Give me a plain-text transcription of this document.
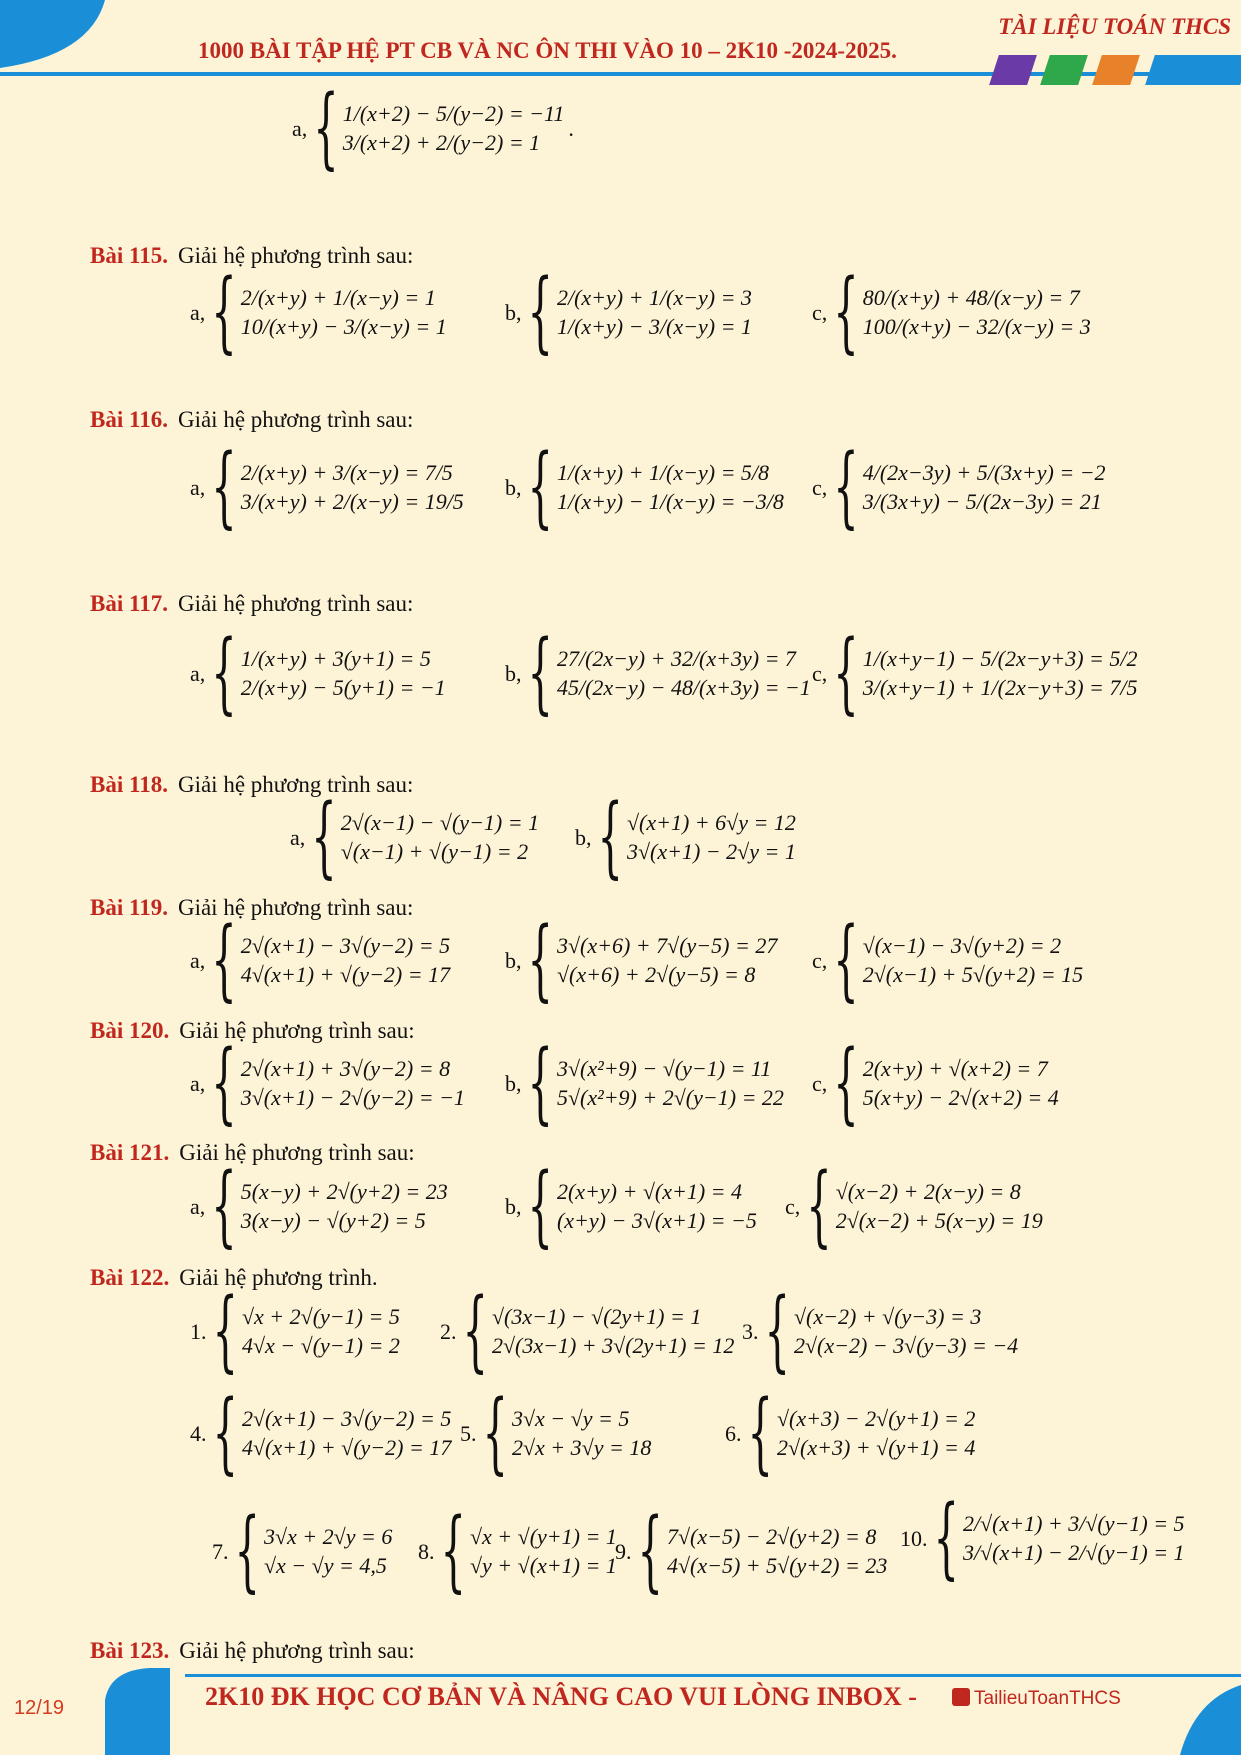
1000 BÀI TẬP HỆ PT CB VÀ NC ÔN THI VÀO 10 – 2K10 -2024-2025.
TÀI LIỆU TOÁN THCS
a, { 1/(x+2) − 5/(y−2) = −11
3/(x+2) + 2/(y−2) = 1
.
Bài 115. Giải hệ phương trình sau:
a, { 2/(x+y) + 1/(x−y) = 1
10/(x+y) − 3/(x−y) = 1
b, { 2/(x+y) + 1/(x−y) = 3
1/(x+y) − 3/(x−y) = 1
c, { 80/(x+y) + 48/(x−y) = 7
100/(x+y) − 32/(x−y) = 3
Bài 116. Giải hệ phương trình sau:
a, { 2/(x+y) + 3/(x−y) = 7/5
3/(x+y) + 2/(x−y) = 19/5
b, { 1/(x+y) + 1/(x−y) = 5/8
1/(x+y) − 1/(x−y) = −3/8
c, { 4/(2x−3y) + 5/(3x+y) = −2
3/(3x+y) − 5/(2x−3y) = 21
Bài 117. Giải hệ phương trình sau:
a, { 1/(x+y) + 3(y+1) = 5
2/(x+y) − 5(y+1) = −1
b, { 27/(2x−y) + 32/(x+3y) = 7
45/(2x−y) − 48/(x+3y) = −1
c, { 1/(x+y−1) − 5/(2x−y+3) = 5/2
3/(x+y−1) + 1/(2x−y+3) = 7/5
Bài 118. Giải hệ phương trình sau:
a, { 2√(x−1) − √(y−1) = 1
√(x−1) + √(y−1) = 2
b, { √(x+1) + 6√y = 12
3√(x+1) − 2√y = 1
Bài 119. Giải hệ phương trình sau:
a, { 2√(x+1) − 3√(y−2) = 5
4√(x+1) + √(y−2) = 17
b, { 3√(x+6) + 7√(y−5) = 27
√(x+6) + 2√(y−5) = 8
c, { √(x−1) − 3√(y+2) = 2
2√(x−1) + 5√(y+2) = 15
Bài 120. Giải hệ phương trình sau:
a, { 2√(x+1) + 3√(y−2) = 8
3√(x+1) − 2√(y−2) = −1
b, { 3√(x²+9) − √(y−1) = 11
5√(x²+9) + 2√(y−1) = 22
c, { 2(x+y) + √(x+2) = 7
5(x+y) − 2√(x+2) = 4
Bài 121. Giải hệ phương trình sau:
a, { 5(x−y) + 2√(y+2) = 23
3(x−y) − √(y+2) = 5
b, { 2(x+y) + √(x+1) = 4
(x+y) − 3√(x+1) = −5
c, { √(x−2) + 2(x−y) = 8
2√(x−2) + 5(x−y) = 19
Bài 122. Giải hệ phương trình.
1. { √x + 2√(y−1) = 5
4√x − √(y−1) = 2
2. { √(3x−1) − √(2y+1) = 1
2√(3x−1) + 3√(2y+1) = 12
3. { √(x−2) + √(y−3) = 3
2√(x−2) − 3√(y−3) = −4
4. { 2√(x+1) − 3√(y−2) = 5
4√(x+1) + √(y−2) = 17
5. { 3√x − √y = 5
2√x + 3√y = 18
6. { √(x+3) − 2√(y+1) = 2
2√(x+3) + √(y+1) = 4
7. { 3√x + 2√y = 6
√x − √y = 4,5
8. { √x + √(y+1) = 1
√y + √(x+1) = 1
9. { 7√(x−5) − 2√(y+2) = 8
4√(x−5) + 5√(y+2) = 23
10. { 2/√(x+1) + 3/√(y−1) = 5
3/√(x+1) − 2/√(y−1) = 1
Bài 123. Giải hệ phương trình sau:
12/19	2K10 ĐK HỌC CƠ BẢN VÀ NÂNG CAO VUI LÒNG INBOX -	TailieuToanTHCS
